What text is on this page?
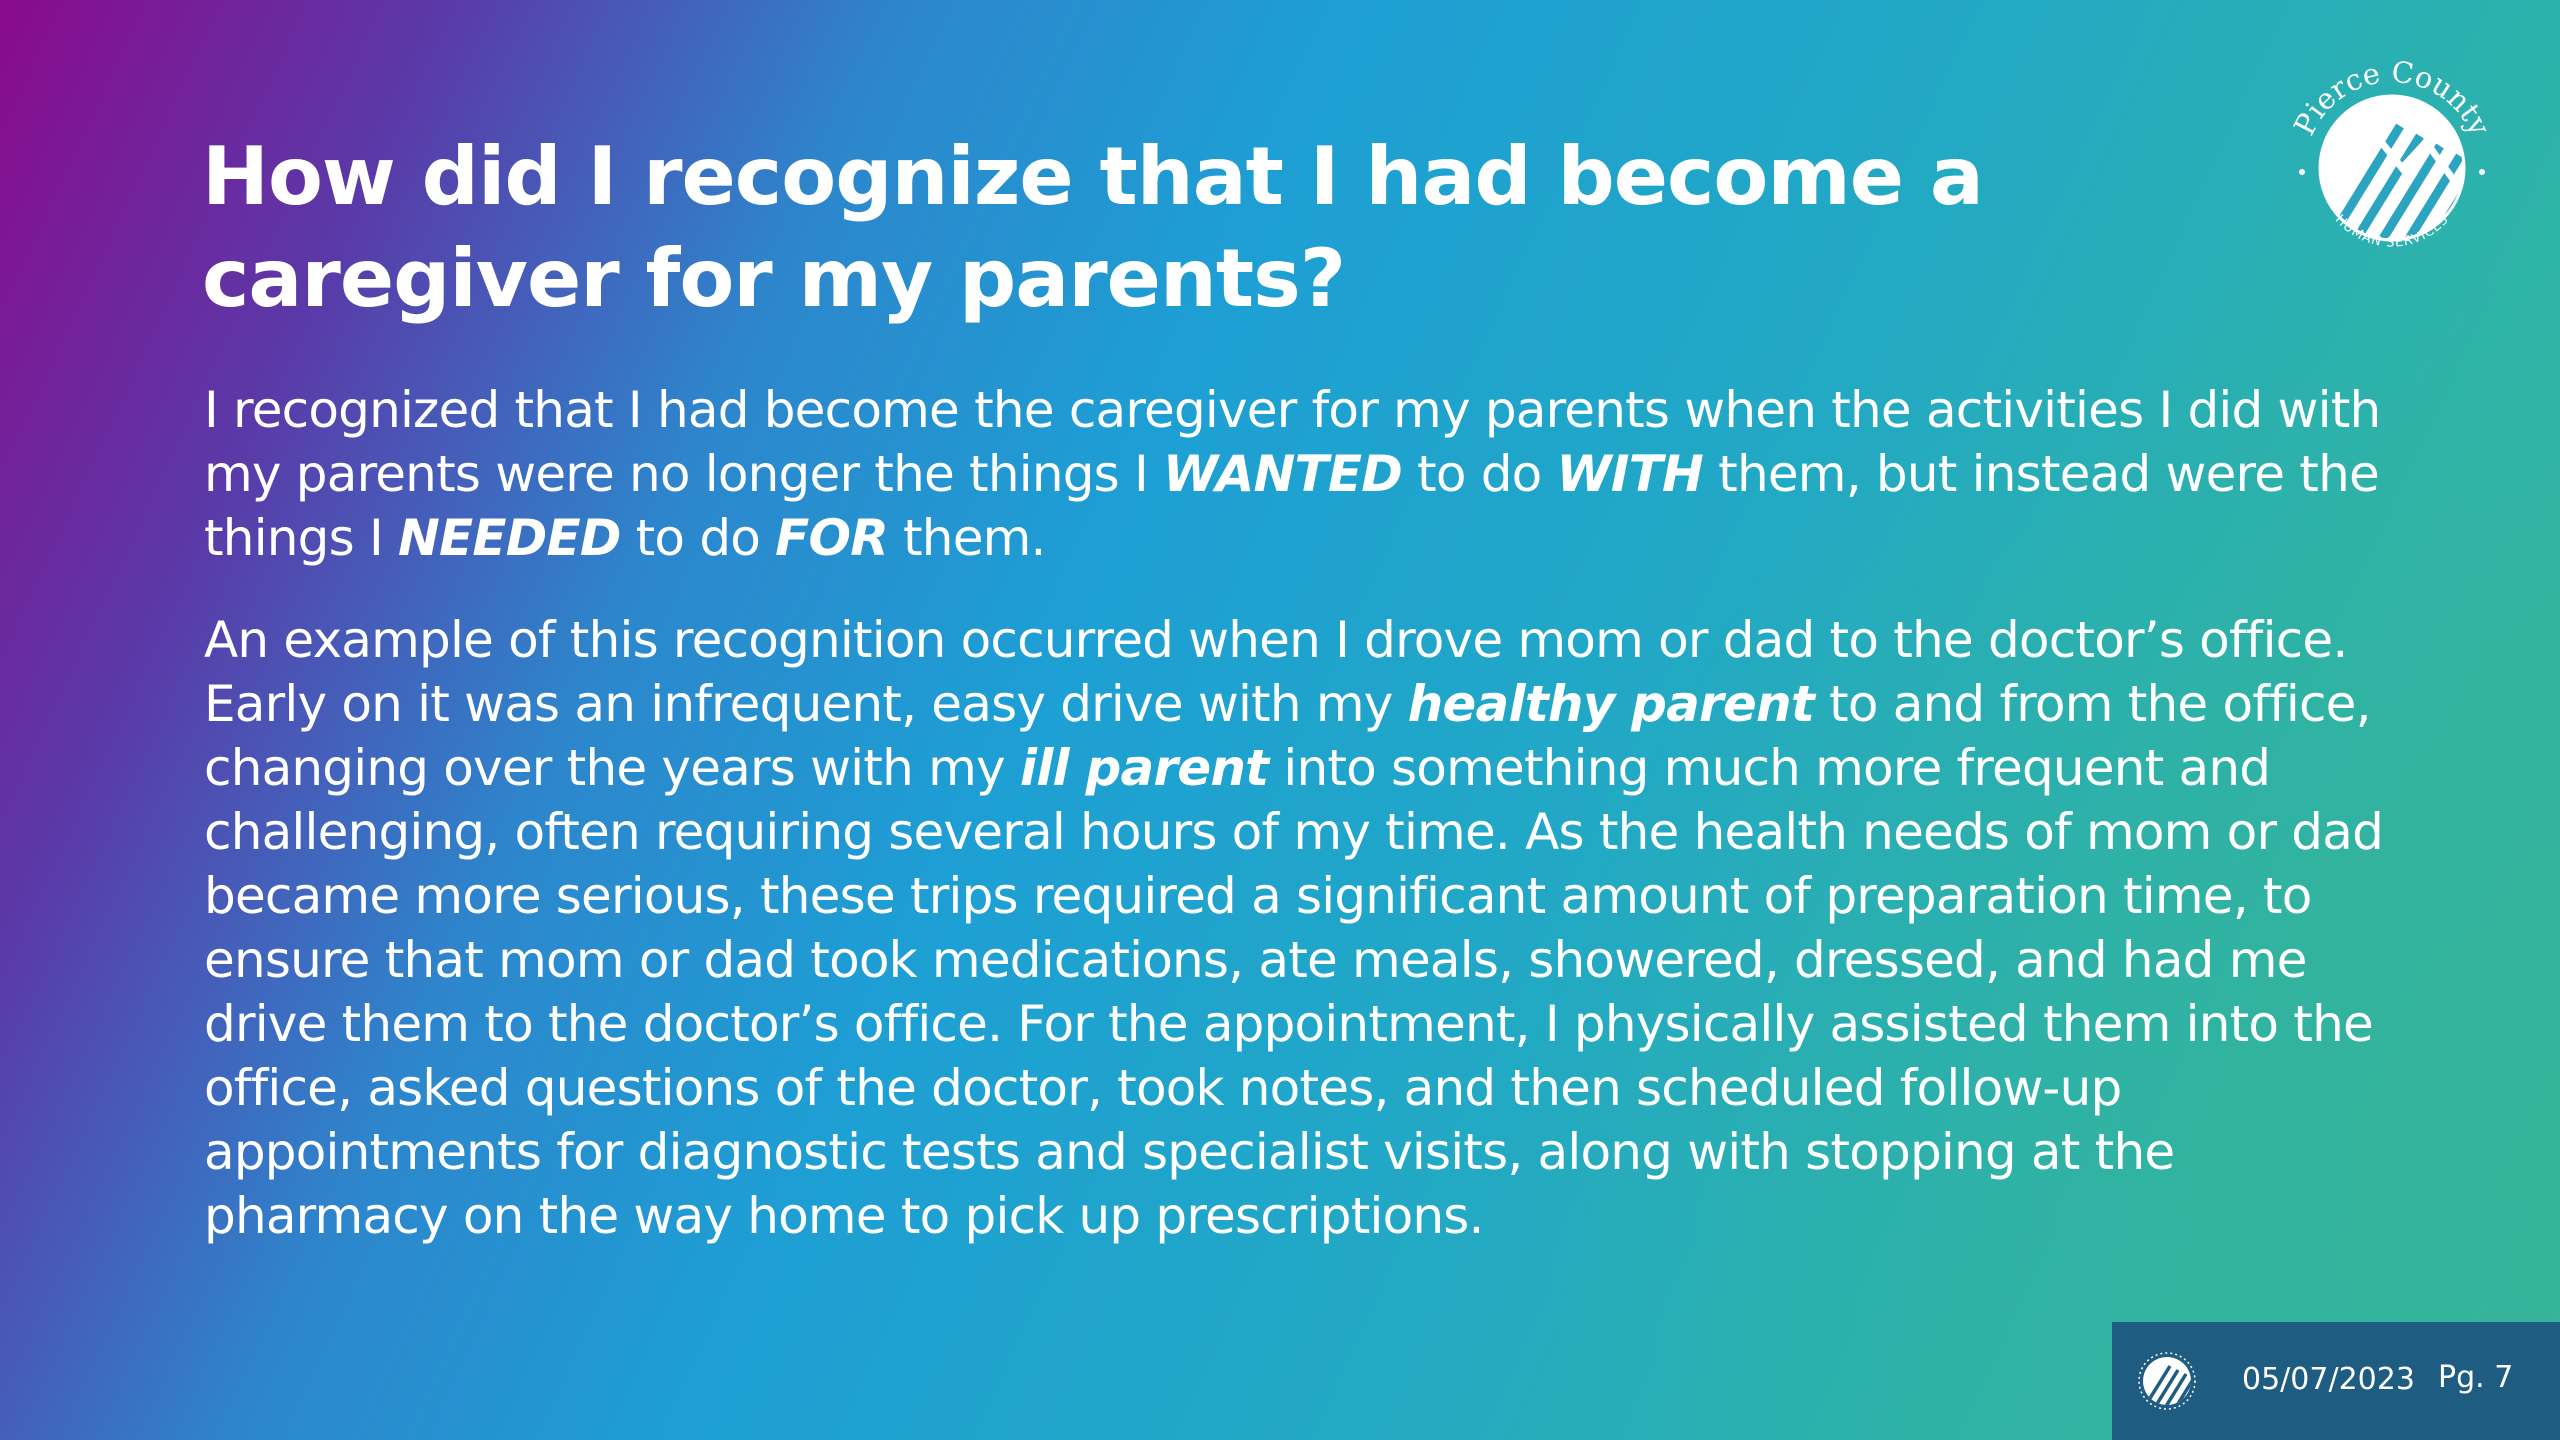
How did I recognize that I had become a
caregiver for my parents?
Pierce County
HUMAN SERVICES

I recognized that I had become the caregiver for my parents when the activities I did with my parents were no longer the things I WANTED to do WITH them, but instead were the things I NEEDED to do FOR them.

An example of this recognition occurred when I drove mom or dad to the doctor’s office. Early on it was an infrequent, easy drive with my healthy parent to and from the office, changing over the years with my ill parent into something much more frequent and challenging, often requiring several hours of my time. As the health needs of mom or dad became more serious, these trips required a significant amount of preparation time, to ensure that mom or dad took medications, ate meals, showered, dressed, and had me drive them to the doctor’s office. For the appointment, I physically assisted them into the office, asked questions of the doctor, took notes, and then scheduled follow-up appointments for diagnostic tests and specialist visits, along with stopping at the pharmacy on the way home to pick up prescriptions.

05/07/2023 Pg. 7
